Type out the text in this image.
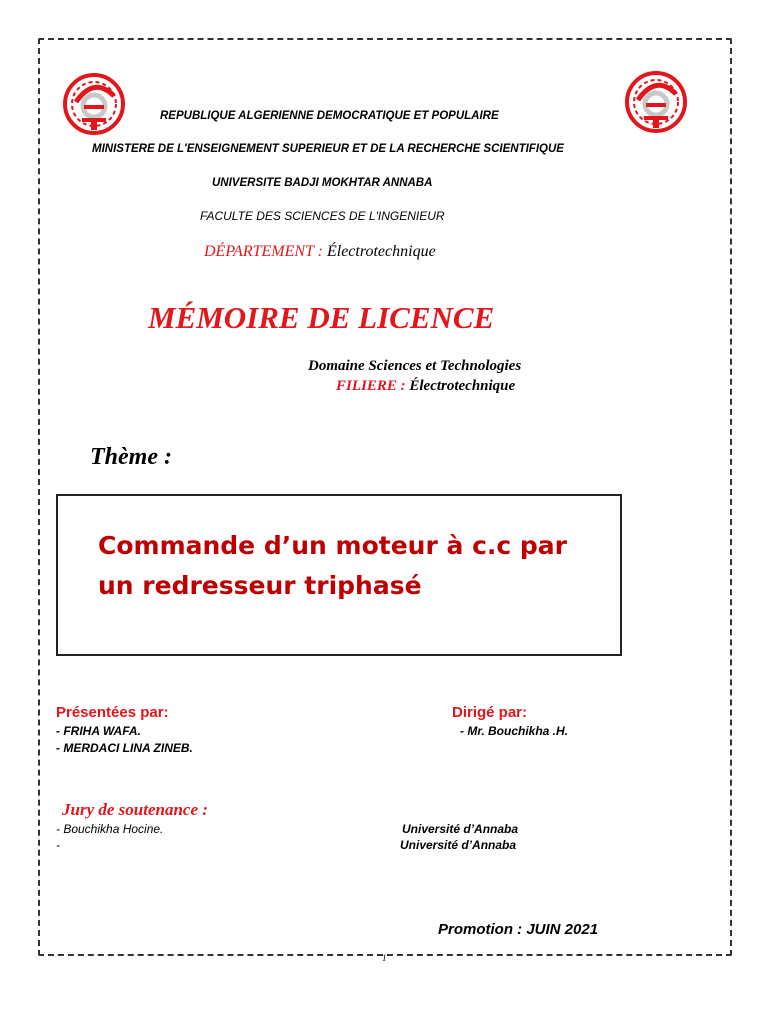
REPUBLIQUE ALGERIENNE DEMOCRATIQUE ET POPULAIRE
MINISTERE DE L'ENSEIGNEMENT SUPERIEUR ET DE LA RECHERCHE SCIENTIFIQUE
UNIVERSITE BADJI MOKHTAR ANNABA
FACULTE DES SCIENCES DE L'INGENIEUR
DÉPARTEMENT : Électrotechnique
MÉMOIRE DE LICENCE
Domaine Sciences et Technologies
FILIERE : Électrotechnique
Thème :
Commande d’un moteur à c.c par un redresseur triphasé
Présentées par:
- FRIHA WAFA.
- MERDACI LINA ZINEB.
Dirigé par:
- Mr. Bouchikha .H.
Jury de soutenance :
- Bouchikha Hocine.	Université d’Annaba
-	Université d’Annaba
Promotion : JUIN 2021
1
